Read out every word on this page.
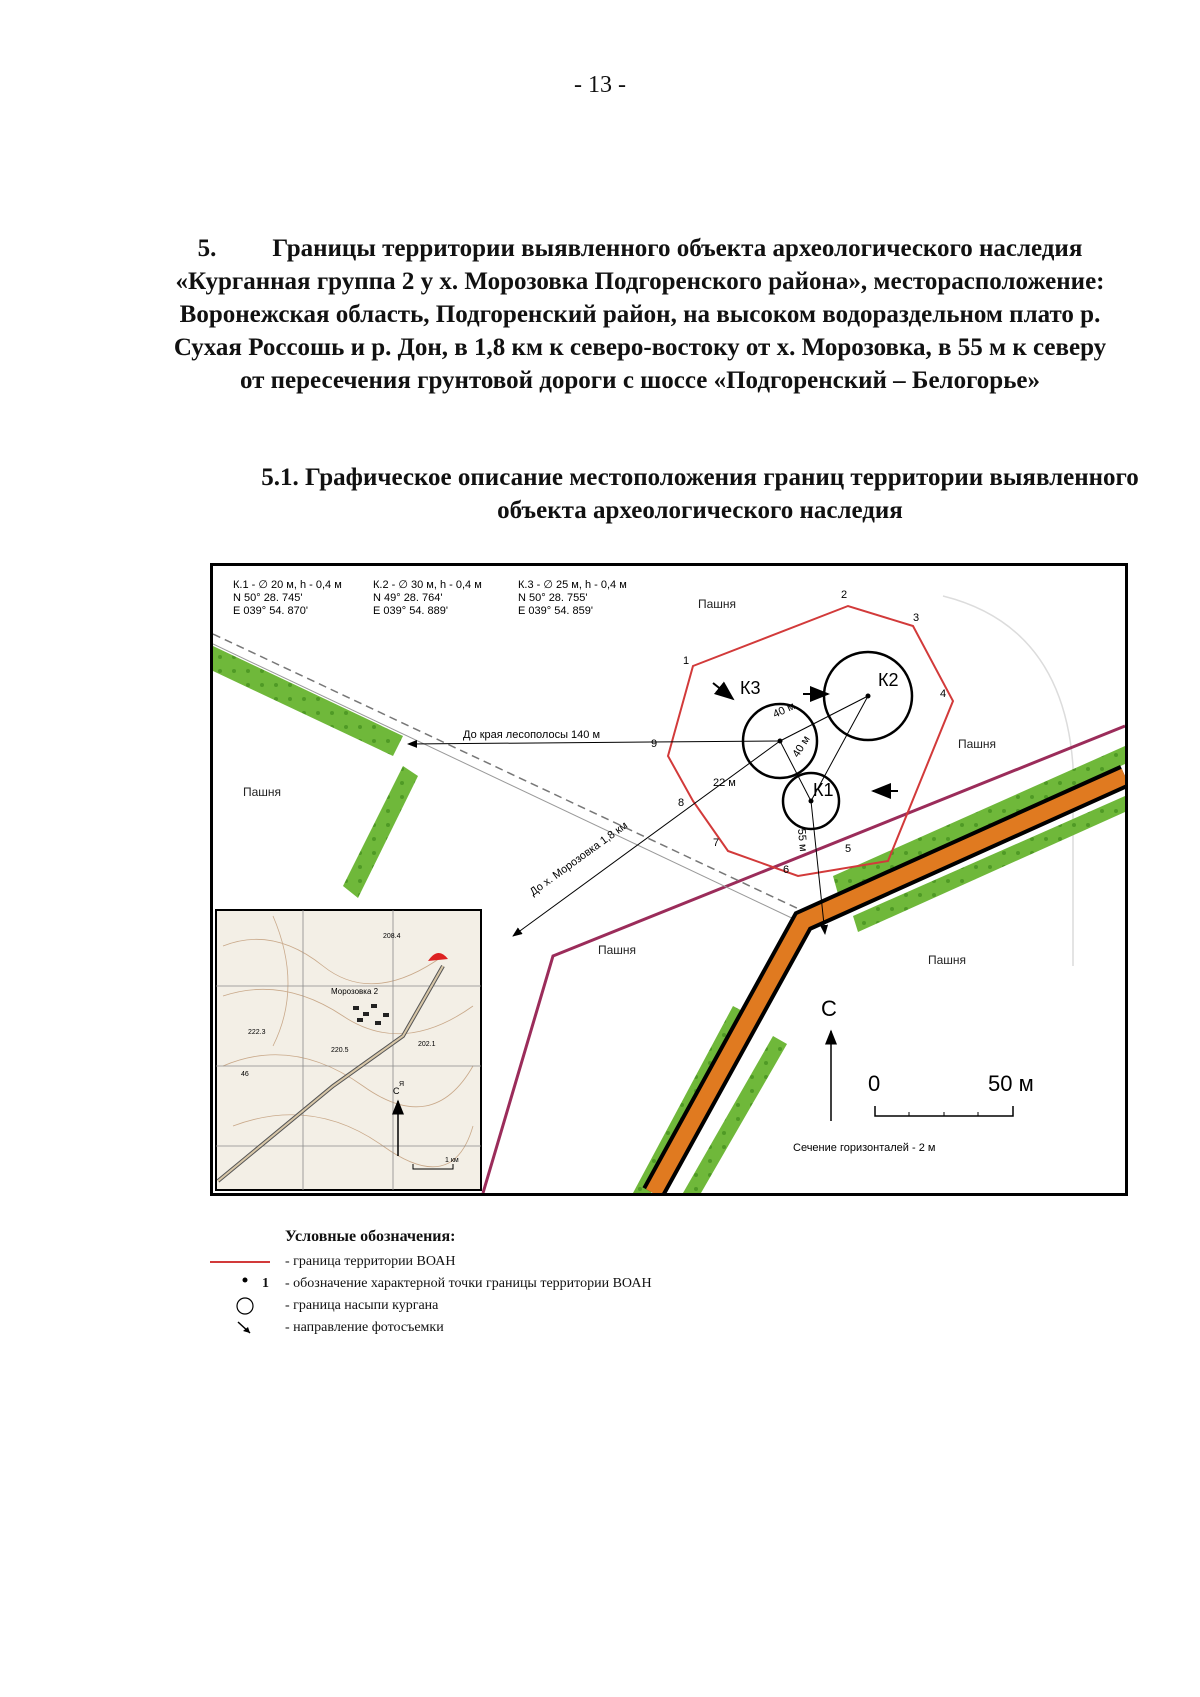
- 13 -
5. Границы территории выявленного объекта археологического наследия «Курганная группа 2 у х. Морозовка Подгоренского района», месторасположение: Воронежская область, Подгоренский район, на высоком водораздельном плато р. Сухая Россошь и р. Дон, в 1,8 км к северо-востоку от х. Морозовка, в 55 м к северу от пересечения грунтовой дороги с шоссе «Подгоренский – Белогорье»
5.1. Графическое описание местоположения границ территории выявленного объекта археологического наследия
К.1 - ∅ 20 м, h - 0,4 м
N 50° 28. 745'
E 039° 54. 870'
К.2 - ∅ 30 м, h - 0,4 м
N 49° 28. 764'
E 039° 54. 889'
К.3 - ∅ 25 м, h - 0,4 м
N 50° 28. 755'
E 039° 54. 859'	Пашня
Пашня
Пашня
Пашня
Пашня
1
2
3
4
5
6
7
8
9
К1
К2
К3
40 м
40 м
22 м
55 м
До края лесополосы 140 м
До х. Морозовка 1,8 км
С
0	50 м
Сечение горизонталей - 2 м
Морозовка 2
208.4
222.3
220.5
202.1
46
Я
С
1 км
Условные обозначения:
- граница территории ВОАН
1 - обозначение характерной точки границы территории ВОАН
- граница насыпи кургана
- направление фотосъемки
